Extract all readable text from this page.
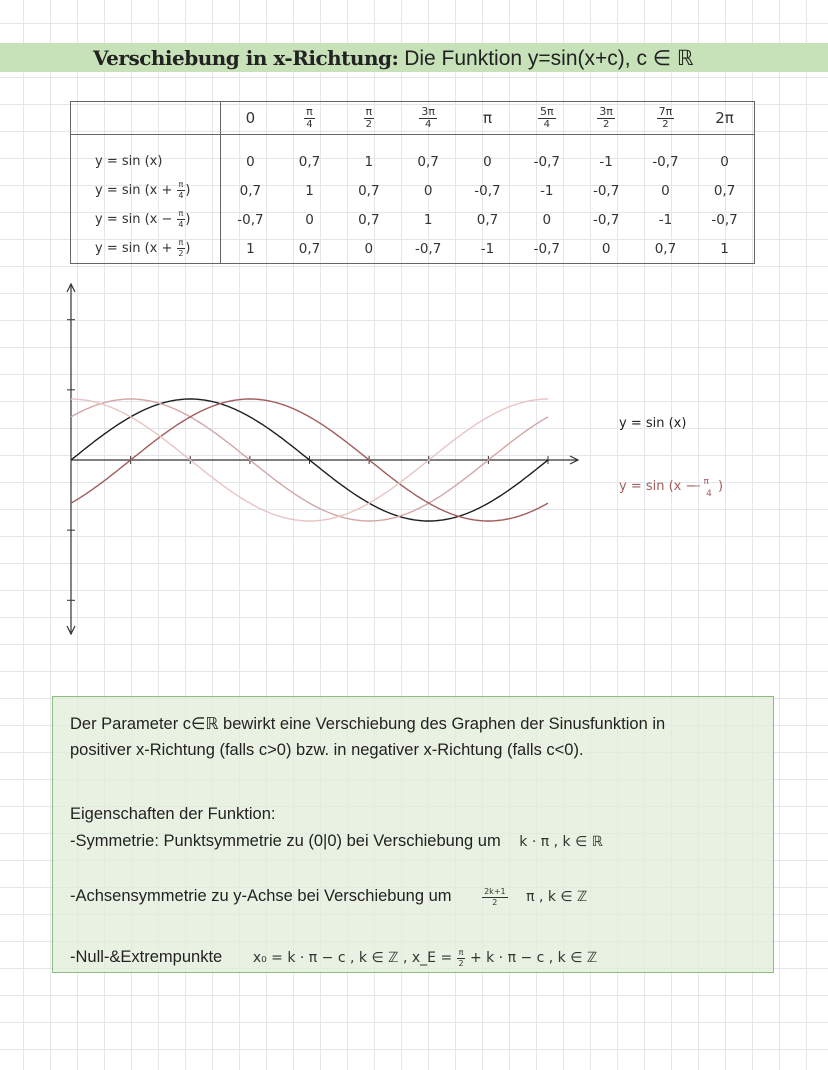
Verschiebung in x-Richtung: Die Funktion y=sin(x+c), c ∈ ℝ
	0	$\frac{\pi}{4}$	$\frac{\pi}{2}$	$\frac{3\pi}{4}$	π	$\frac{5\pi}{4}$	$\frac{3\pi}{2}$	$\frac{7\pi}{2}$	2π
y = sin (x)	0	0,7	1	0,7	0	-0,7	-1	-0,7	0
$y = \sin (x + \frac{\pi}{4}$ )	0,7	1	0,7	0	-0,7	-1	-0,7	0	0,7
$y = \sin (x - \frac{\pi}{4}$ )	-0,7	0	0,7	1	0,7	0	-0,7	-1	-0,7
$y = \sin (x + \frac{\pi}{2}$ )	1	0,7	0	-0,7	-1	-0,7	0	0,7	1
y = sin (x)
y = sin (x − $^\pi$ 4 )
Der Parameter c∈ℝ bewirkt eine Verschiebung des Graphen der Sinusfunktion in
positiver x-Richtung (falls c>0) bzw. in negativer x-Richtung (falls c<0).
Eigenschaften der Funktion:
-Symmetrie: Punktsymmetrie zu (0|0) bei Verschiebung um k · π , k ∈ ℝ
-Achsensymmetrie zu y-Achse bei Verschiebung um	$\frac{2k+1}{2}$ π , k ∈ ℤ
-Null-&Extrempunkte x₀ = k · π − c , k ∈ ℤ , x_E = $\frac{\pi}{2} + k \cdot \pi - c$ , k ∈ ℤ
